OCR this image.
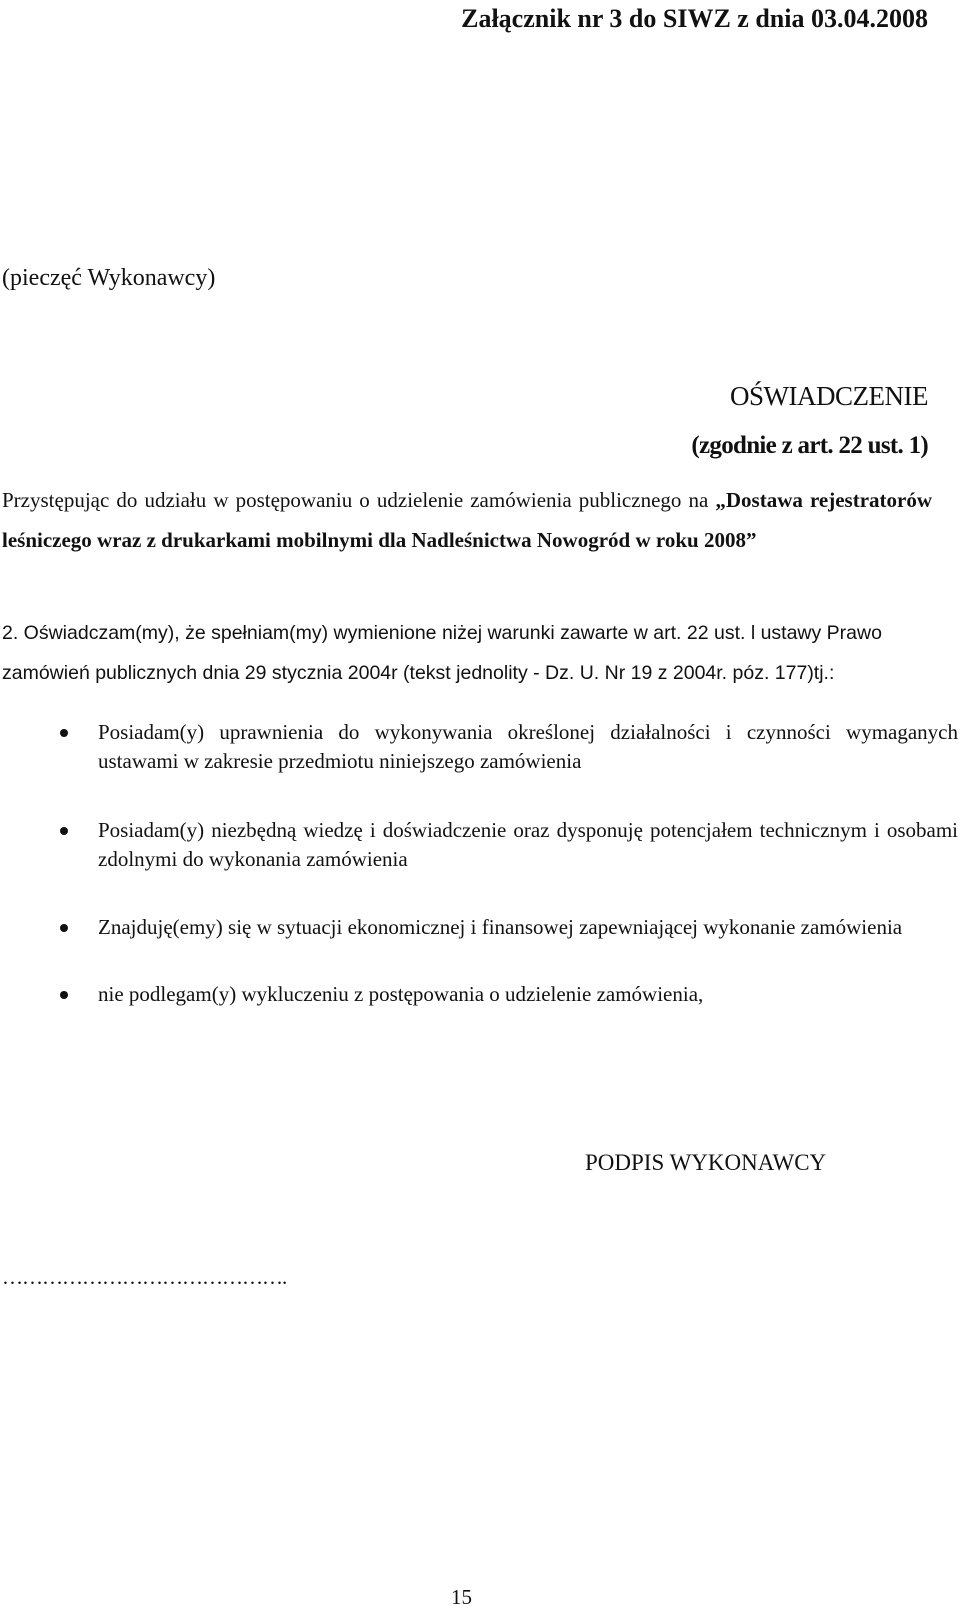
Załącznik nr 3 do SIWZ z dnia 03.04.2008
(pieczęć Wykonawcy)
OŚWIADCZENIE
(zgodnie z art. 22 ust. 1)
Przystępując do udziału w postępowaniu o udzielenie zamówienia publicznego na „Dostawa rejestratorów leśniczego wraz z drukarkami mobilnymi dla Nadleśnictwa Nowogród w roku 2008”
2. Oświadczam(my), że spełniam(my) wymienione niżej warunki zawarte w art. 22 ust. l ustawy Prawo zamówień publicznych dnia 29 stycznia 2004r (tekst jednolity - Dz. U. Nr 19 z 2004r. póz. 177)tj.:
Posiadam(y) uprawnienia do wykonywania określonej działalności i czynności wymaganych ustawami w zakresie przedmiotu niniejszego zamówienia
Posiadam(y) niezbędną wiedzę i doświadczenie oraz dysponuję potencjałem technicznym i osobami zdolnymi do wykonania zamówienia
Znajduję(emy) się w sytuacji ekonomicznej i finansowej zapewniającej wykonanie zamówienia
nie podlegam(y) wykluczeniu z postępowania o udzielenie zamówienia,
PODPIS WYKONAWCY
…………………………………….
15
